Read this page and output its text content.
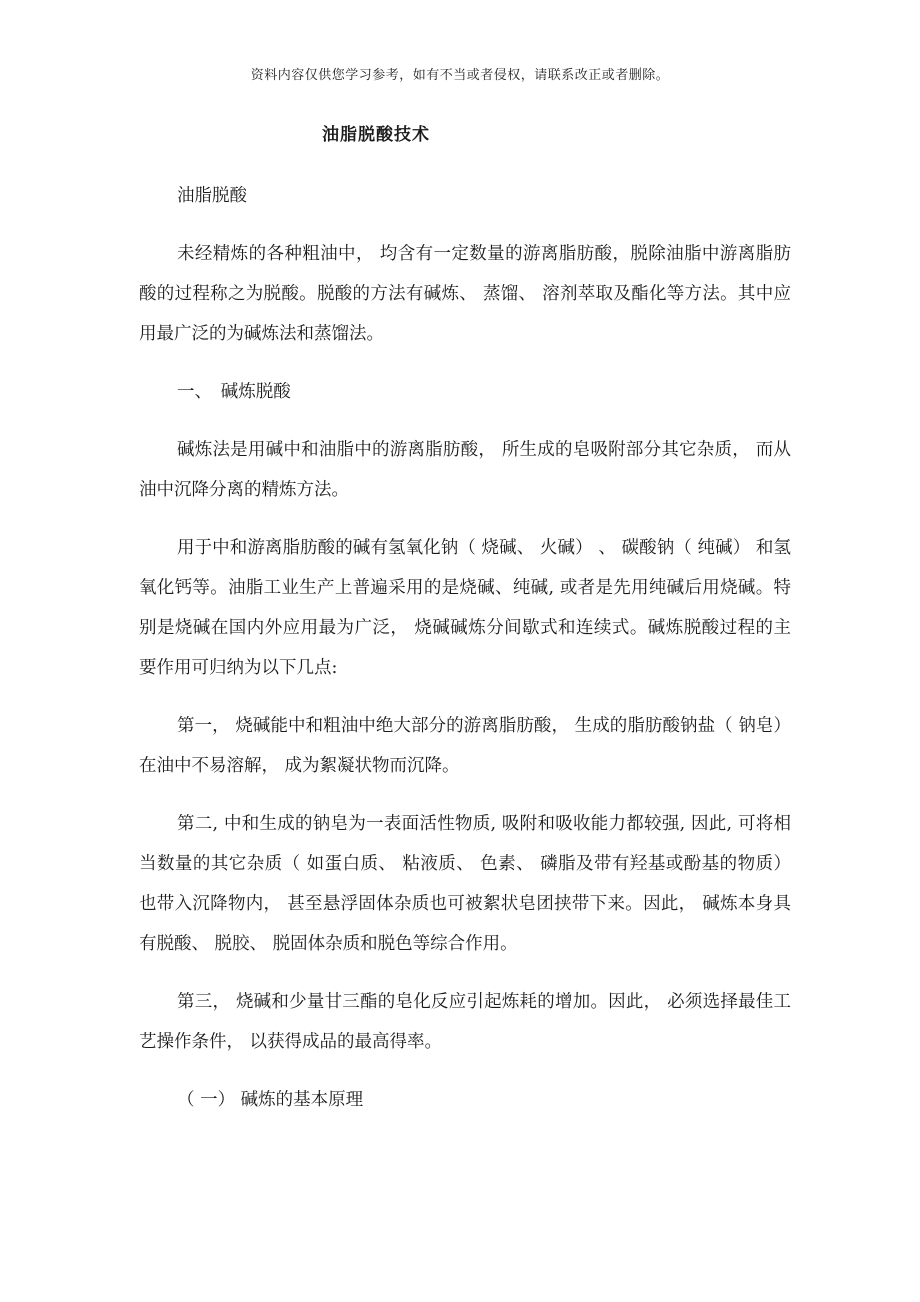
资料内容仅供您学习参考，如有不当或者侵权，请联系改正或者删除。
油脂脱酸技术

油脂脱酸

未经精炼的各种粗油中， 均含有一定数量的游离脂肪酸，脱除油脂中游离脂肪酸的过程称之为脱酸。脱酸的方法有碱炼、 蒸馏、 溶剂萃取及酯化等方法。其中应用最广泛的为碱炼法和蒸馏法。

一、　碱炼脱酸

碱炼法是用碱中和油脂中的游离脂肪酸， 所生成的皂吸附部分其它杂质， 而从油中沉降分离的精炼方法。

用于中和游离脂肪酸的碱有氢氧化钠（ 烧碱、 火碱） 、 碳酸钠（ 纯碱） 和氢氧化钙等。油脂工业生产上普遍采用的是烧碱、纯碱, 或者是先用纯碱后用烧碱。特别是烧碱在国内外应用最为广泛， 烧碱碱炼分间歇式和连续式。碱炼脱酸过程的主要作用可归纳为以下几点:

第一， 烧碱能中和粗油中绝大部分的游离脂肪酸， 生成的脂肪酸钠盐（ 钠皂）在油中不易溶解， 成为絮凝状物而沉降。

第二, 中和生成的钠皂为一表面活性物质, 吸附和吸收能力都较强, 因此, 可将相当数量的其它杂质（ 如蛋白质、 粘液质、 色素、 磷脂及带有羟基或酚基的物质） 也带入沉降物内， 甚至悬浮固体杂质也可被絮状皂团挟带下来。因此， 碱炼本身具有脱酸、 脱胶、 脱固体杂质和脱色等综合作用。

第三， 烧碱和少量甘三酯的皂化反应引起炼耗的增加。因此， 必须选择最佳工艺操作条件， 以获得成品的最高得率。

（ 一） 碱炼的基本原理
